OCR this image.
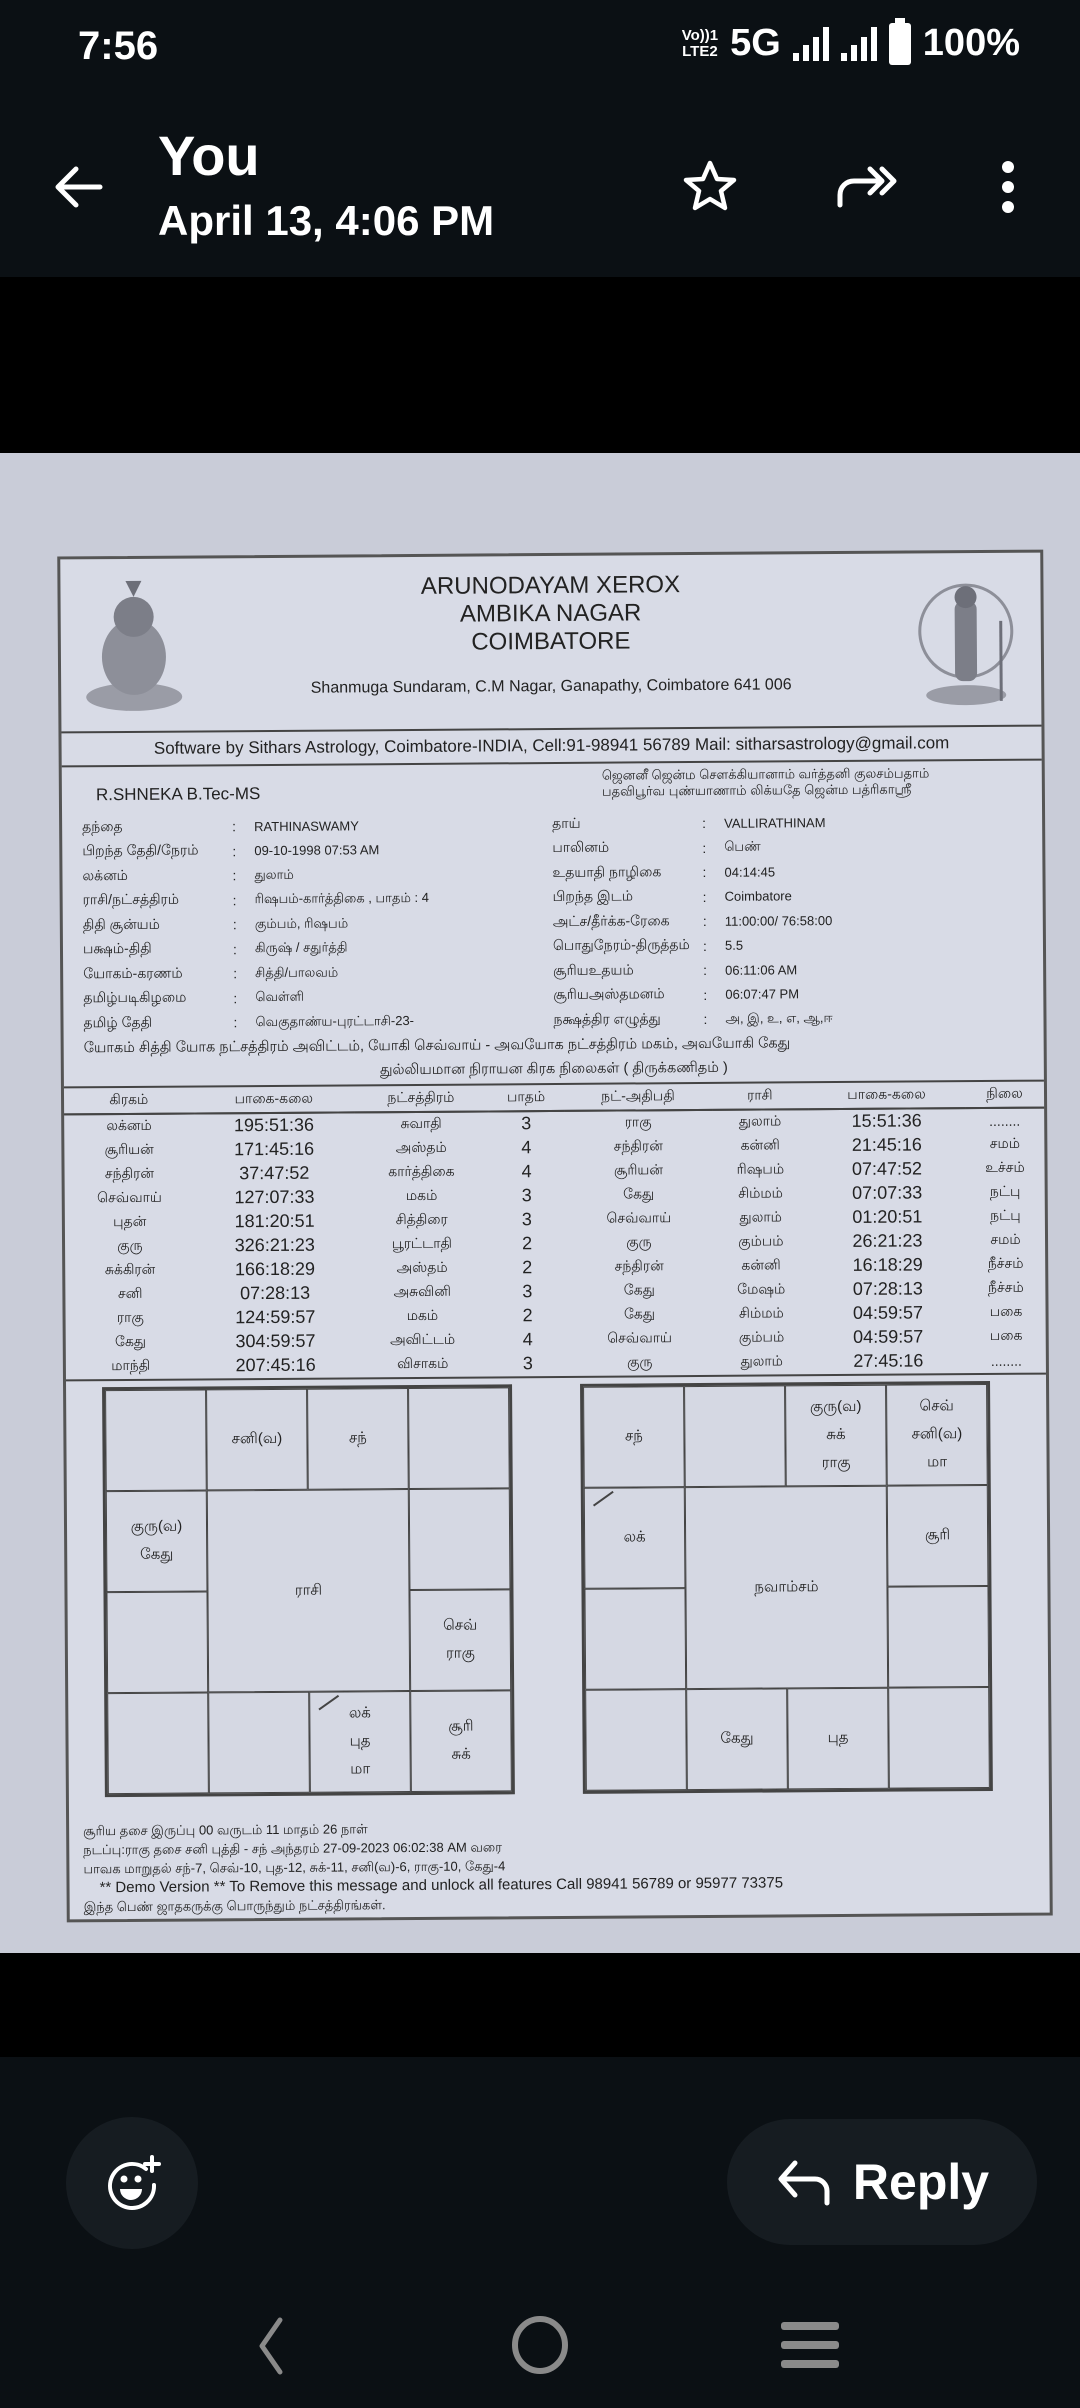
7:56	Vo))1
LTE2 5G	100%
You
April 13, 4:06 PM
ARUNODAYAM XEROX
AMBIKA NAGAR
COIMBATORE
Shanmuga Sundaram, C.M Nagar, Ganapathy, Coimbatore 641 006
Software by Sithars Astrology, Coimbatore-INDIA, Cell:91-98941 56789 Mail: sitharsastrology@gmail.com
R.SHNEKA B.Tec-MS
ஜெனனீ ஜென்ம சௌக்கியானாம் வர்த்தனி குலசம்பதாம்
பதவிபூர்வ புண்யாணாம் லிக்யதே ஜென்ம பத்ரிகாஶ்ரீ
தந்தை	:	RATHINASWAMY
பிறந்த தேதி/நேரம்	:	09-10-1998 07:53 AM
லக்னம்	:	துலாம்
ராசி/நட்சத்திரம்	:	ரிஷபம்-கார்த்திகை , பாதம் : 4
திதி சூன்யம்	:	கும்பம், ரிஷபம்
பக்ஷம்-திதி	:	கிருஷ் / சதுர்த்தி
யோகம்-கரணம்	:	சித்தி/பாலவம்
தமிழ்படிகிழமை	:	வெள்ளி
தமிழ் தேதி	:	வெகுதாண்ய-புரட்டாசி-23-
தாய்	:	VALLIRATHINAM
பாலினம்	:	பெண்
உதயாதி நாழிகை	:	04:14:45
பிறந்த இடம்	:	Coimbatore
அட்ச/தீர்க்க-ரேகை	:	11:00:00/ 76:58:00
பொதுநேரம்-திருத்தம் :	5.5
சூரியஉதயம்	:	06:11:06 AM
சூரியஅஸ்தமனம்	:	06:07:47 PM
நக்ஷத்திர எழுத்து	:	அ, இ, உ, எ, ஆ,ஈ
யோகம் சித்தி யோக நட்சத்திரம் அவிட்டம், யோகி செவ்வாய் - அவயோக நட்சத்திரம் மகம், அவயோகி கேது
துல்லியமான நிராயன கிரக நிலைகள் ( திருக்கணிதம் )
கிரகம்	பாகை-கலை	நட்சத்திரம்	பாதம்	நட்-அதிபதி	ராசி	பாகை-கலை	நிலை
லக்னம்	195:51:36	சுவாதி	3	ராகு	துலாம்	15:51:36	........
சூரியன்	171:45:16	அஸ்தம்	4	சந்திரன்	கன்னி	21:45:16	சமம்
சந்திரன்	37:47:52	கார்த்திகை	4	சூரியன்	ரிஷபம்	07:47:52	உச்சம்
செவ்வாய்	127:07:33	மகம்	3	கேது	சிம்மம்	07:07:33	நட்பு
புதன்	181:20:51	சித்திரை	3	செவ்வாய்	துலாம்	01:20:51	நட்பு
குரு	326:21:23	பூரட்டாதி	2	குரு	கும்பம்	26:21:23	சமம்
சுக்கிரன்	166:18:29	அஸ்தம்	2	சந்திரன்	கன்னி	16:18:29	நீச்சம்
சனி	07:28:13	அசுவினி	3	கேது	மேஷம்	07:28:13	நீச்சம்
ராகு	124:59:57	மகம்	2	கேது	சிம்மம்	04:59:57	பகை
கேது	304:59:57	அவிட்டம்	4	செவ்வாய்	கும்பம்	04:59:57	பகை
மாந்தி	207:45:16	விசாகம்	3	குரு	துலாம்	27:45:16	........
சனி(வ)	சந்
குரு(வ)
கேது
செவ்
ராகு
லக்
புத
மா
சூரி
சுக்
ராசி
சந்
குரு(வ)
சுக்
ராகு
செவ்
சனி(வ)
மா
லக்	சூரி
கேது	புத
நவாம்சம்
சூரிய தசை இருப்பு 00 வருடம் 11 மாதம் 26 நாள்
நடப்பு:ராகு தசை சனி புத்தி - சந் அந்தரம் 27-09-2023 06:02:38 AM வரை
பாவக மாறுதல் சந்-7, செவ்-10, புத-12, சுக்-11, சனி(வ)-6, ராகு-10, கேது-4
** Demo Version ** To Remove this message and unlock all features Call 98941 56789 or 95977 73375
இந்த பெண் ஜாதகருக்கு பொருந்தும் நட்சத்திரங்கள்.
Reply
